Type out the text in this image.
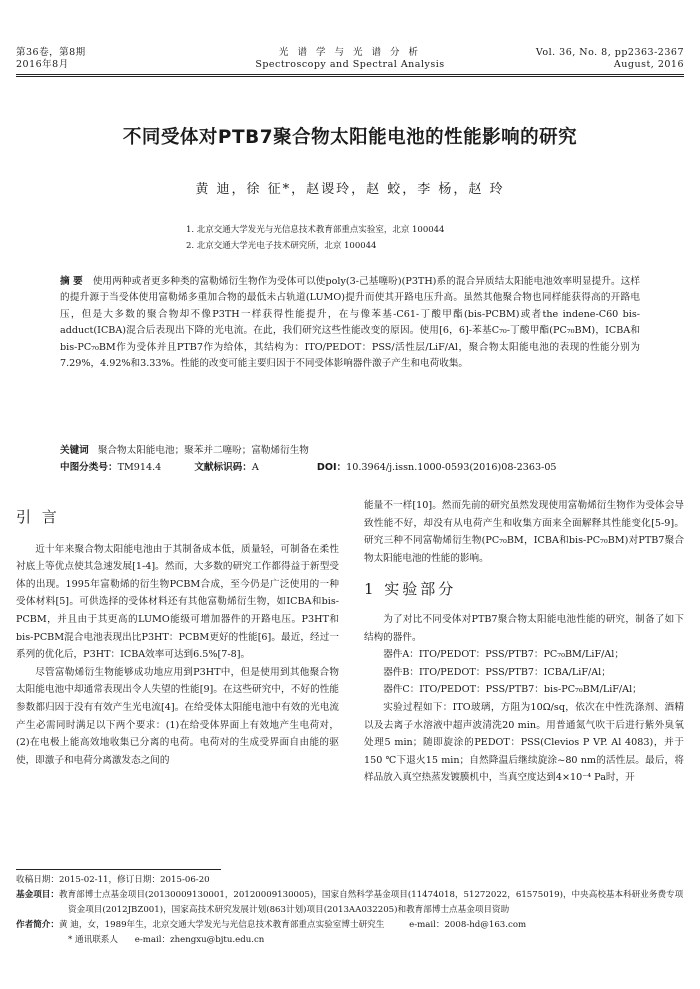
第36卷，第8期
2016年8月
光 谱 学 与 光 谱 分 析
Spectroscopy and Spectral Analysis
Vol. 36, No. 8, pp2363-2367
August, 2016
不同受体对PTB7聚合物太阳能电池的性能影响的研究
黄 迪，徐 征*，赵谡玲，赵 蛟，李 杨，赵 玲
1. 北京交通大学发光与光信息技术教育部重点实验室，北京 100044
2. 北京交通大学光电子技术研究所，北京 100044
摘 要 使用两种或者更多种类的富勒烯衍生物作为受体可以使poly(3-己基噻吩)(P3TH)系的混合异质结太阳能电池效率明显提升。这样的提升源于当受体使用富勒烯多重加合物的最低未占轨道(LUMO)提升而使其开路电压升高。虽然其他聚合物也同样能获得高的开路电压，但是大多数的聚合物却不像P3TH一样获得性能提升，在与像苯基-C61-丁酸甲酯(bis-PCBM)或者the indene-C60 bis-adduct(ICBA)混合后表现出下降的光电流。在此，我们研究这些性能改变的原因。使用[6，6]-苯基C₇₀-丁酸甲酯(PC₇₀BM)，ICBA和bis-PC₇₀BM作为受体并且PTB7作为给体，其结构为：ITO/PEDOT：PSS/活性层/LiF/Al，聚合物太阳能电池的表现的性能分别为7.29%，4.92%和3.33%。性能的改变可能主要归因于不同受体影响器件激子产生和电荷收集。
关键词 聚合物太阳能电池；聚苯并二噻吩；富勒烯衍生物
中图分类号：TM914.4	文献标识码：A	DOI：10.3964/j.issn.1000-0593(2016)08-2363-05
引 言

近十年来聚合物太阳能电池由于其制备成本低，质量轻，可制备在柔性衬底上等优点使其急速发展[1-4]。然而，大多数的研究工作都得益于新型受体的出现。1995年富勒烯的衍生物PCBM合成，至今仍是广泛使用的一种受体材料[5]。可供选择的受体材料还有其他富勒烯衍生物，如ICBA和bis-PCBM，并且由于其更高的LUMO能级可增加器件的开路电压。P3HT和bis-PCBM混合电池表现出比P3HT：PCBM更好的性能[6]。最近，经过一系列的优化后，P3HT：ICBA效率可达到6.5%[7-8]。

尽管富勒烯衍生物能够成功地应用到P3HT中，但是使用到其他聚合物太阳能电池中却通常表现出令人失望的性能[9]。在这些研究中，不好的性能参数都归因于没有有效产生光电流[4]。在给受体太阳能电池中有效的光电流产生必需同时满足以下两个要求：(1)在给受体界面上有效地产生电荷对，(2)在电极上能高效地收集已分离的电荷。电荷对的生成受界面自由能的驱使，即激子和电荷分离激发态之间的

能量不一样[10]。然而先前的研究虽然发现使用富勒烯衍生物作为受体会导致性能不好，却没有从电荷产生和收集方面来全面解释其性能变化[5-9]。研究三种不同富勒烯衍生物(PC₇₀BM，ICBA和bis-PC₇₀BM)对PTB7聚合物太阳能电池的性能的影响。

1 实验部分

为了对比不同受体对PTB7聚合物太阳能电池性能的研究，制备了如下结构的器件。

器件A：ITO/PEDOT：PSS/PTB7：PC₇₀BM/LiF/Al；

器件B：ITO/PEDOT：PSS/PTB7：ICBA/LiF/Al；

器件C：ITO/PEDOT：PSS/PTB7：bis-PC₇₀BM/LiF/Al；

实验过程如下：ITO玻璃，方阻为10Ω/sq，依次在中性洗涤剂、酒精以及去离子水溶液中超声波清洗20 min。用普通氮气吹干后进行紫外臭氧处理5 min；随即旋涂的PEDOT：PSS(Clevios P VP. Al 4083)，并于150 ℃下退火15 min；自然降温后继续旋涂~80 nm的活性层。最后，将样品放入真空热蒸发镀膜机中，当真空度达到4×10⁻⁴ Pa时，开

收稿日期：2015-02-11，修订日期：2015-06-20
基金项目：教育部博士点基金项目(20130009130001，20120009130005)，国家自然科学基金项目(11474018，51272022，61575019)，中央高校基本科研业务费专项资金项目(2012JBZ001)，国家高技术研究发展计划(863计划)项目(2013AA032205)和教育部博士点基金项目资助
作者简介：黄 迪，女，1989年生，北京交通大学发光与光信息技术教育部重点实验室博士研究生	e-mail：2008-hd@163.com
* 通讯联系人 e-mail：zhengxu@bjtu.edu.cn
